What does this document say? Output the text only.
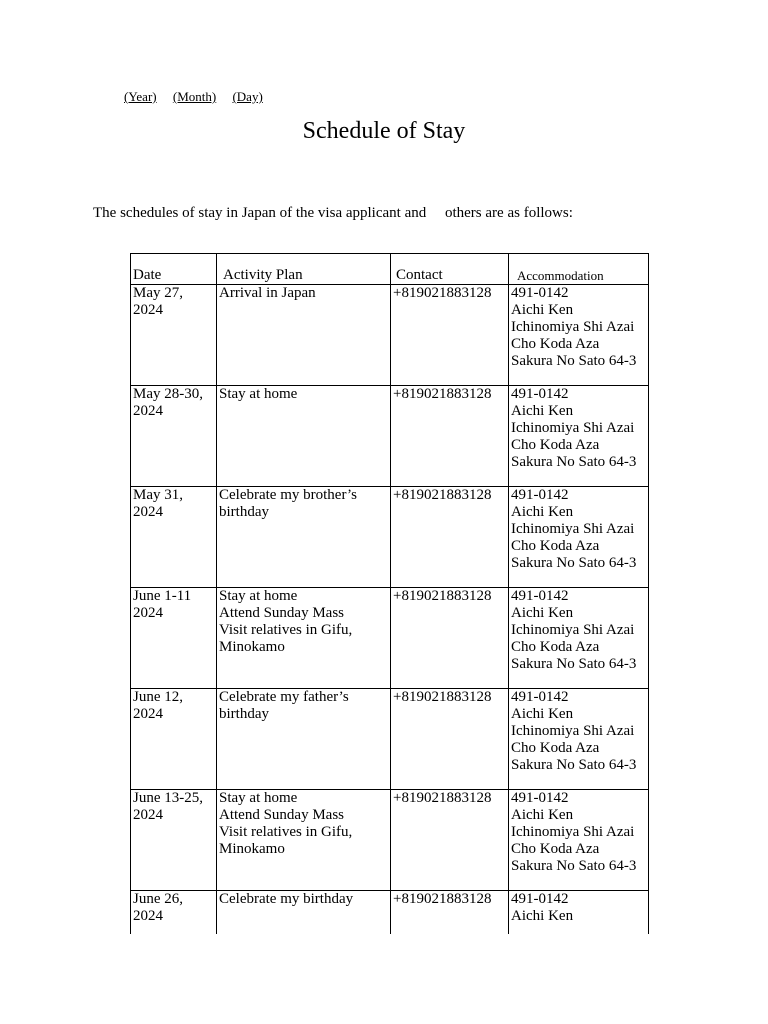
(Year) (Month) (Day)
Schedule of Stay
The schedules of stay in Japan of the visa applicant and     others are as follows:
Date	Activity Plan	Contact	Accommodation

May 27,
2024	Arrival in Japan	+819021883128	491-0142
Aichi Ken
Ichinomiya Shi Azai
Cho Koda Aza
Sakura No Sato 64-3

May 28-30,
2024	Stay at home	+819021883128	491-0142
Aichi Ken
Ichinomiya Shi Azai
Cho Koda Aza
Sakura No Sato 64-3

May 31,
2024	Celebrate my brother’s
birthday	+819021883128	491-0142
Aichi Ken
Ichinomiya Shi Azai
Cho Koda Aza
Sakura No Sato 64-3

June 1-11
2024	Stay at home
Attend Sunday Mass
Visit relatives in Gifu,
Minokamo	+819021883128	491-0142
Aichi Ken
Ichinomiya Shi Azai
Cho Koda Aza
Sakura No Sato 64-3

June 12,
2024	Celebrate my father’s
birthday	+819021883128	491-0142
Aichi Ken
Ichinomiya Shi Azai
Cho Koda Aza
Sakura No Sato 64-3

June 13-25,
2024	Stay at home
Attend Sunday Mass
Visit relatives in Gifu,
Minokamo	+819021883128	491-0142
Aichi Ken
Ichinomiya Shi Azai
Cho Koda Aza
Sakura No Sato 64-3

June 26,
2024	Celebrate my birthday	+819021883128	491-0142
Aichi Ken
